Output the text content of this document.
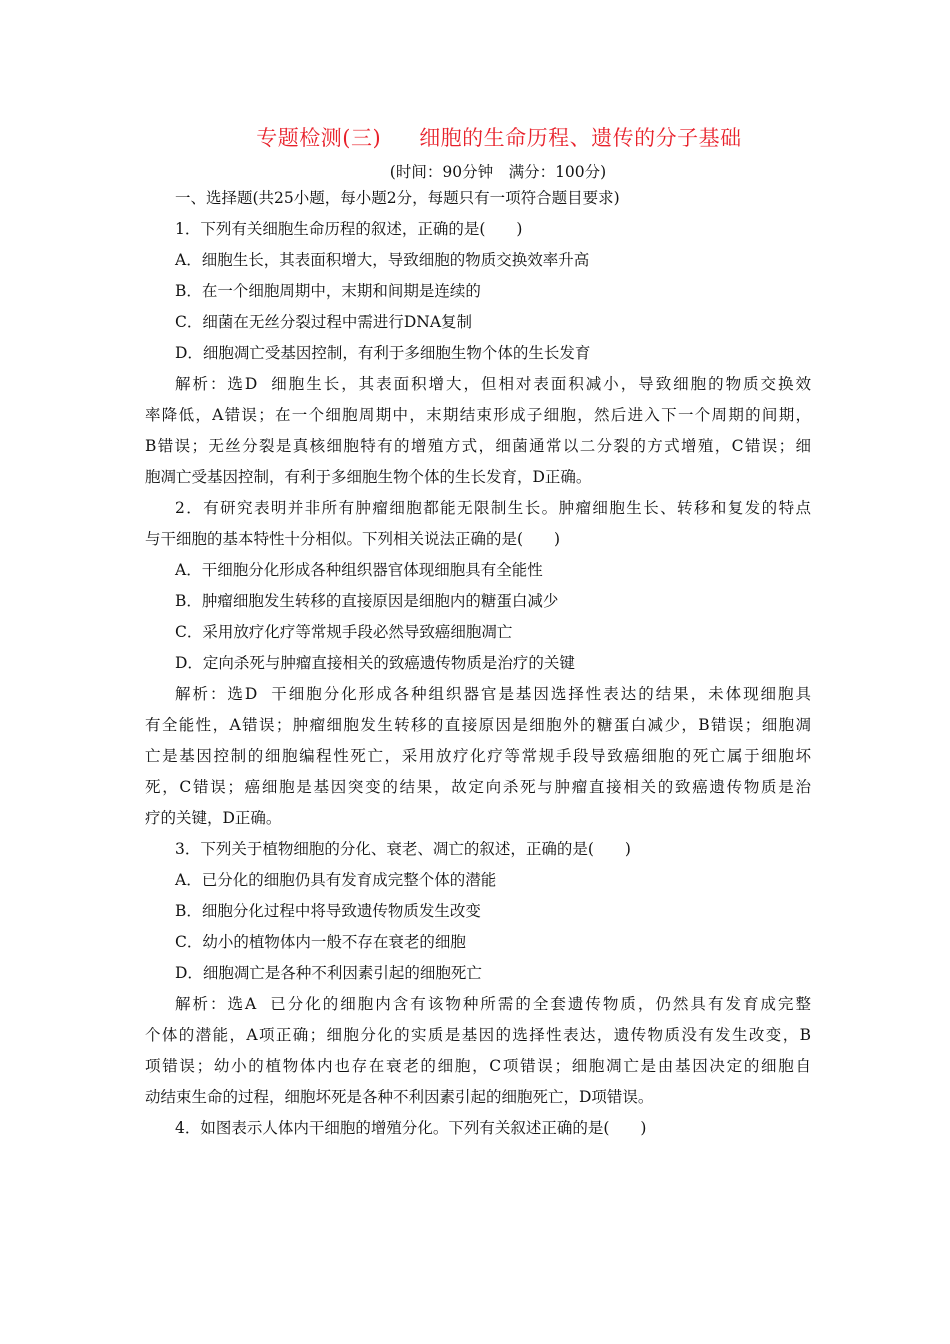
专题检测(三) 细胞的生命历程、遗传的分子基础
(时间：90分钟　满分：100分)
一、选择题(共25小题，每小题2分，每题只有一项符合题目要求)
1．下列有关细胞生命历程的叙述，正确的是(　　)
A．细胞生长，其表面积增大，导致细胞的物质交换效率升高
B．在一个细胞周期中，末期和间期是连续的
C．细菌在无丝分裂过程中需进行DNA复制
D．细胞凋亡受基因控制，有利于多细胞生物个体的生长发育
解析：选D 细胞生长，其表面积增大，但相对表面积减小，导致细胞的物质交换效
率降低，A错误；在一个细胞周期中，末期结束形成子细胞，然后进入下一个周期的间期，
B错误；无丝分裂是真核细胞特有的增殖方式，细菌通常以二分裂的方式增殖，C错误；细
胞凋亡受基因控制，有利于多细胞生物个体的生长发育，D正确。
2．有研究表明并非所有肿瘤细胞都能无限制生长。肿瘤细胞生长、转移和复发的特点
与干细胞的基本特性十分相似。下列相关说法正确的是(　　)
A．干细胞分化形成各种组织器官体现细胞具有全能性
B．肿瘤细胞发生转移的直接原因是细胞内的糖蛋白减少
C．采用放疗化疗等常规手段必然导致癌细胞凋亡
D．定向杀死与肿瘤直接相关的致癌遗传物质是治疗的关键
解析：选D 干细胞分化形成各种组织器官是基因选择性表达的结果，未体现细胞具
有全能性，A错误；肿瘤细胞发生转移的直接原因是细胞外的糖蛋白减少，B错误；细胞凋
亡是基因控制的细胞编程性死亡，采用放疗化疗等常规手段导致癌细胞的死亡属于细胞坏
死，C错误；癌细胞是基因突变的结果，故定向杀死与肿瘤直接相关的致癌遗传物质是治
疗的关键，D正确。
3．下列关于植物细胞的分化、衰老、凋亡的叙述，正确的是(　　)
A．已分化的细胞仍具有发育成完整个体的潜能
B．细胞分化过程中将导致遗传物质发生改变
C．幼小的植物体内一般不存在衰老的细胞
D．细胞凋亡是各种不利因素引起的细胞死亡
解析：选A 已分化的细胞内含有该物种所需的全套遗传物质，仍然具有发育成完整
个体的潜能，A项正确；细胞分化的实质是基因的选择性表达，遗传物质没有发生改变，B
项错误；幼小的植物体内也存在衰老的细胞，C项错误；细胞凋亡是由基因决定的细胞自
动结束生命的过程，细胞坏死是各种不利因素引起的细胞死亡，D项错误。
4．如图表示人体内干细胞的增殖分化。下列有关叙述正确的是(　　)
